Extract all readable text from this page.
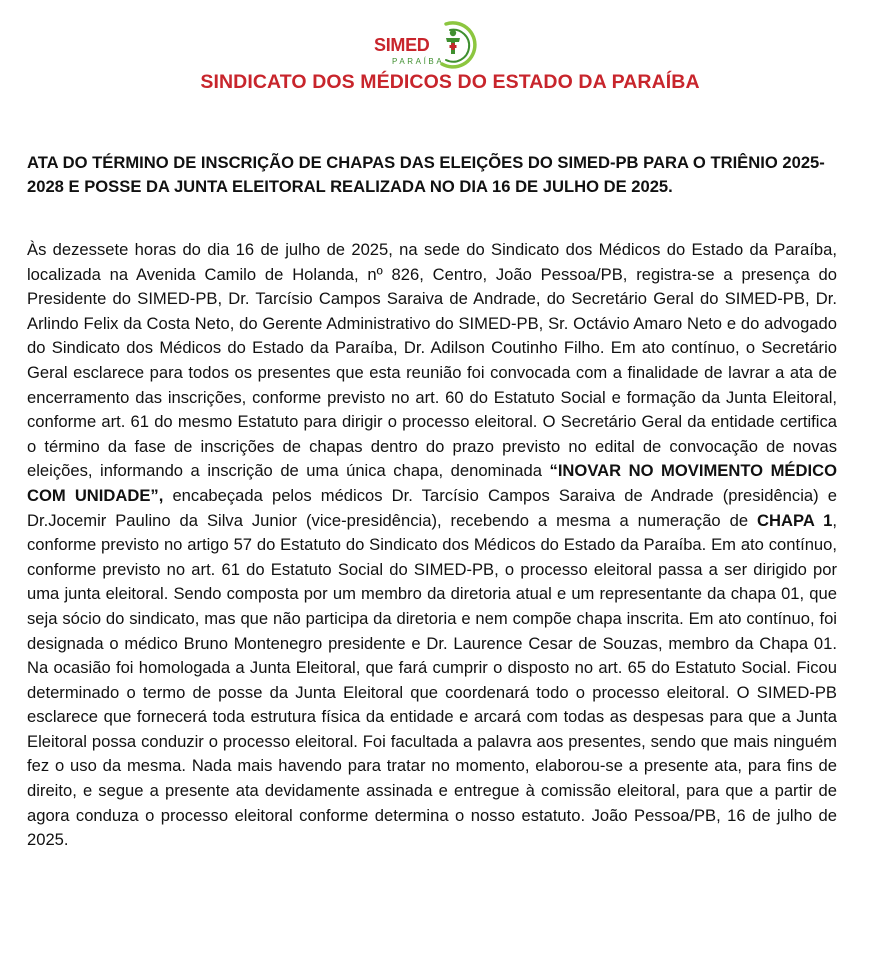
SIMED
PARAÍBA
SINDICATO DOS MÉDICOS DO ESTADO DA PARAÍBA

ATA DO TÉRMINO DE INSCRIÇÃO DE CHAPAS DAS ELEIÇÕES DO SIMED-PB PARA O TRIÊNIO 2025-2028 E POSSE DA JUNTA ELEITORAL REALIZADA NO DIA 16 DE JULHO DE 2025.

Às dezessete horas do dia 16 de julho de 2025, na sede do Sindicato dos Médicos do Estado da Paraíba, localizada na Avenida Camilo de Holanda, nº 826, Centro, João Pessoa/PB, registra-se a presença do Presidente do SIMED-PB, Dr. Tarcísio Campos Saraiva de Andrade, do Secretário Geral do SIMED-PB, Dr. Arlindo Felix da Costa Neto, do Gerente Administrativo do SIMED-PB, Sr. Octávio Amaro Neto e do advogado do Sindicato dos Médicos do Estado da Paraíba, Dr. Adilson Coutinho Filho. Em ato contínuo, o Secretário Geral esclarece para todos os presentes que esta reunião foi convocada com a finalidade de lavrar a ata de encerramento das inscrições, conforme previsto no art. 60 do Estatuto Social e formação da Junta Eleitoral, conforme art. 61 do mesmo Estatuto para dirigir o processo eleitoral. O Secretário Geral da entidade certifica o término da fase de inscrições de chapas dentro do prazo previsto no edital de convocação de novas eleições, informando a inscrição de uma única chapa, denominada “INOVAR NO MOVIMENTO MÉDICO COM UNIDADE”, encabeçada pelos médicos Dr. Tarcísio Campos Saraiva de Andrade (presidência) e Dr.Jocemir Paulino da Silva Junior (vice-presidência), recebendo a mesma a numeração de CHAPA 1, conforme previsto no artigo 57 do Estatuto do Sindicato dos Médicos do Estado da Paraíba. Em ato contínuo, conforme previsto no art. 61 do Estatuto Social do SIMED-PB, o processo eleitoral passa a ser dirigido por uma junta eleitoral. Sendo composta por um membro da diretoria atual e um representante da chapa 01, que seja sócio do sindicato, mas que não participa da diretoria e nem compõe chapa inscrita. Em ato contínuo, foi designada o médico Bruno Montenegro presidente e Dr. Laurence Cesar de Souzas, membro da Chapa 01. Na ocasião foi homologada a Junta Eleitoral, que fará cumprir o disposto no art. 65 do Estatuto Social. Ficou determinado o termo de posse da Junta Eleitoral que coordenará todo o processo eleitoral. O SIMED-PB esclarece que fornecerá toda estrutura física da entidade e arcará com todas as despesas para que a Junta Eleitoral possa conduzir o processo eleitoral. Foi facultada a palavra aos presentes, sendo que mais ninguém fez o uso da mesma. Nada mais havendo para tratar no momento, elaborou-se a presente ata, para fins de direito, e segue a presente ata devidamente assinada e entregue à comissão eleitoral, para que a partir de agora conduza o processo eleitoral conforme determina o nosso estatuto. João Pessoa/PB, 16 de julho de 2025.
